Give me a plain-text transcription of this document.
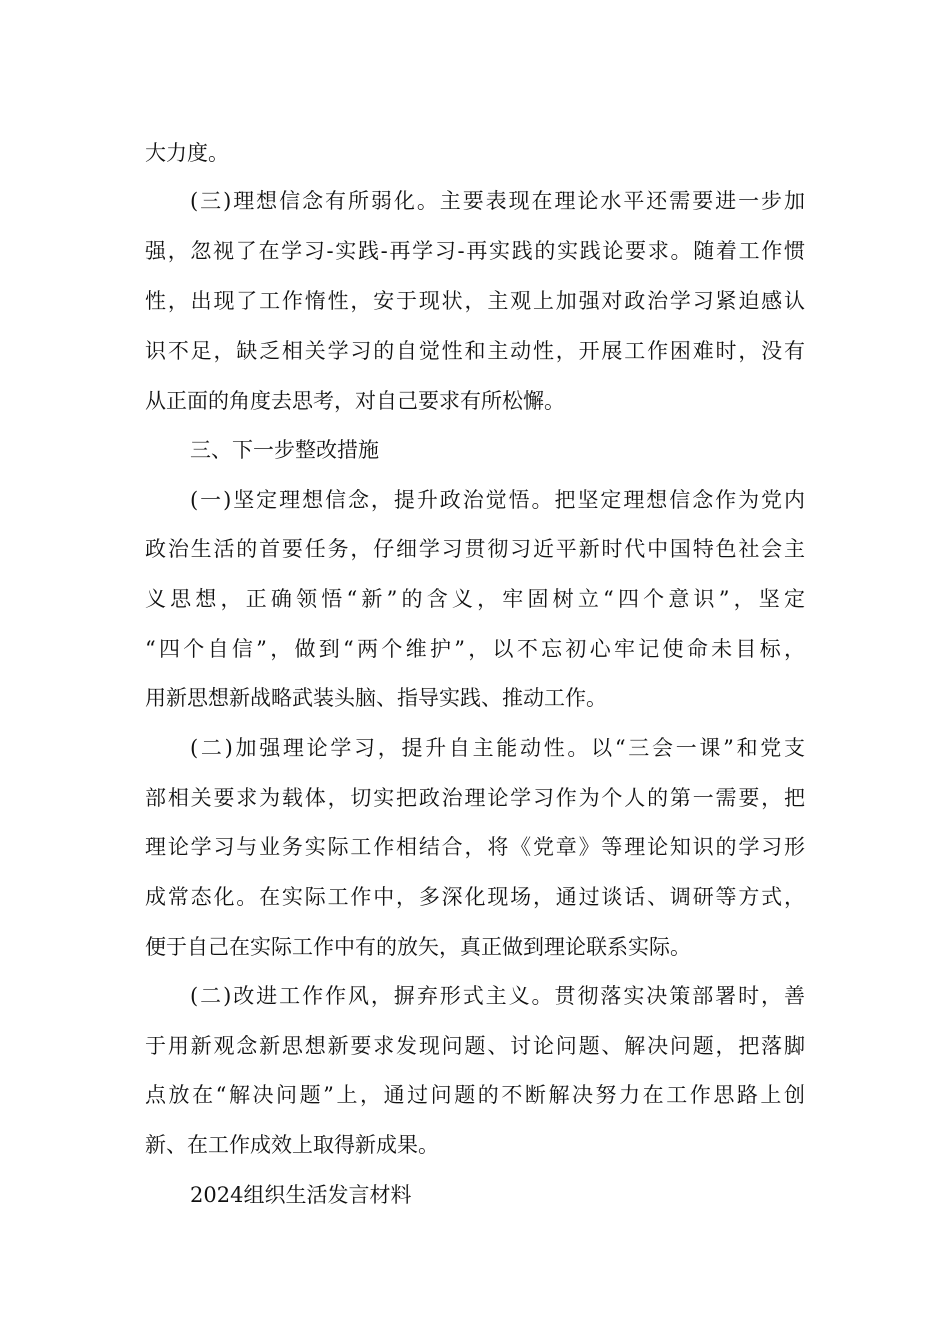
大力度。
(三)理想信念有所弱化。主要表现在理论水平还需要进一步加
强，忽视了在学习-实践-再学习-再实践的实践论要求。随着工作惯
性，出现了工作惰性，安于现状，主观上加强对政治学习紧迫感认
识不足，缺乏相关学习的自觉性和主动性，开展工作困难时，没有
从正面的角度去思考，对自己要求有所松懈。
三、下一步整改措施
(一)坚定理想信念，提升政治觉悟。把坚定理想信念作为党内
政治生活的首要任务，仔细学习贯彻习近平新时代中国特色社会主
义思想，正确领悟“新”的含义，牢固树立“四个意识”，坚定
“四个自信”，做到“两个维护”，以不忘初心牢记使命未目标，
用新思想新战略武装头脑、指导实践、推动工作。
(二)加强理论学习，提升自主能动性。以“三会一课”和党支
部相关要求为载体，切实把政治理论学习作为个人的第一需要，把
理论学习与业务实际工作相结合，将《党章》等理论知识的学习形
成常态化。在实际工作中，多深化现场，通过谈话、调研等方式，
便于自己在实际工作中有的放矢，真正做到理论联系实际。
(二)改进工作作风，摒弃形式主义。贯彻落实决策部署时，善
于用新观念新思想新要求发现问题、讨论问题、解决问题，把落脚
点放在“解决问题”上，通过问题的不断解决努力在工作思路上创
新、在工作成效上取得新成果。
2024组织生活发言材料
